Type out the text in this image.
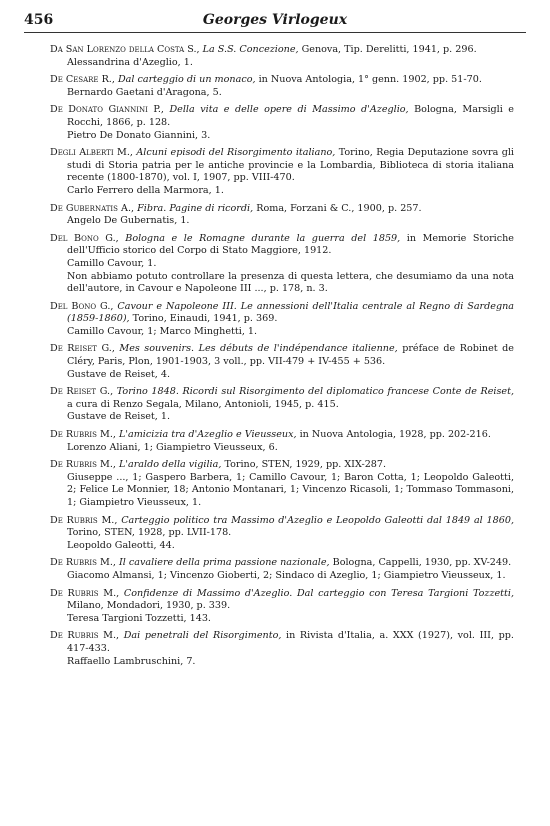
456	Georges Virlogeux
Da San Lorenzo della Costa S., La S.S. Concezione, Genova, Tip. Derelitti, 1941, p. 296.
Alessandrina d'Azeglio, 1.
De Cesare R., Dal carteggio di un monaco, in Nuova Antologia, 1° genn. 1902, pp. 51-70.
Bernardo Gaetani d'Aragona, 5.
De Donato Giannini P., Della vita e delle opere di Massimo d'Azeglio, Bologna, Marsigli e Rocchi, 1866, p. 128.
Pietro De Donato Giannini, 3.
Degli Alberti M., Alcuni episodi del Risorgimento italiano, Torino, Regia Deputazione sovra gli studi di Storia patria per le antiche provincie e la Lombardia, Biblioteca di storia italiana recente (1800-1870), vol. I, 1907, pp. VIII-470.
Carlo Ferrero della Marmora, 1.
De Gubernatis A., Fibra. Pagine di ricordi, Roma, Forzani & C., 1900, p. 257.
Angelo De Gubernatis, 1.
Del Bono G., Bologna e le Romagne durante la guerra del 1859, in Memorie Storiche dell'Ufficio storico del Corpo di Stato Maggiore, 1912.
Camillo Cavour, 1.
Non abbiamo potuto controllare la presenza di questa lettera, che desumiamo da una nota dell'autore, in Cavour e Napoleone III ..., p. 178, n. 3.
Del Bono G., Cavour e Napoleone III. Le annessioni dell'Italia centrale al Regno di Sardegna (1859-1860), Torino, Einaudi, 1941, p. 369.
Camillo Cavour, 1; Marco Minghetti, 1.
De Reiset G., Mes souvenirs. Les débuts de l'indépendance italienne, préface de Robinet de Cléry, Paris, Plon, 1901-1903, 3 voll., pp. VII-479 + IV-455 + 536.
Gustave de Reiset, 4.
De Reiset G., Torino 1848. Ricordi sul Risorgimento del diplomatico francese Conte de Reiset, a cura di Renzo Segala, Milano, Antonioli, 1945, p. 415.
Gustave de Reiset, 1.
De Rubris M., L'amicizia tra d'Azeglio e Vieusseux, in Nuova Antologia, 1928, pp. 202-216.
Lorenzo Aliani, 1; Giampietro Vieusseux, 6.
De Rubris M., L'araldo della vigilia, Torino, STEN, 1929, pp. XIX-287.
Giuseppe ..., 1; Gaspero Barbera, 1; Camillo Cavour, 1; Baron Cotta, 1; Leopoldo Galeotti, 2; Felice Le Monnier, 18; Antonio Montanari, 1; Vincenzo Ricasoli, 1; Tommaso Tommasoni, 1; Giampietro Vieusseux, 1.
De Rubris M., Carteggio politico tra Massimo d'Azeglio e Leopoldo Galeotti dal 1849 al 1860, Torino, STEN, 1928, pp. LVII-178.
Leopoldo Galeotti, 44.
De Rubris M., Il cavaliere della prima passione nazionale, Bologna, Cappelli, 1930, pp. XV-249.
Giacomo Almansi, 1; Vincenzo Gioberti, 2; Sindaco di Azeglio, 1; Giampietro Vieusseux, 1.
De Rubris M., Confidenze di Massimo d'Azeglio. Dal carteggio con Teresa Targioni Tozzetti, Milano, Mondadori, 1930, p. 339.
Teresa Targioni Tozzetti, 143.
De Rubris M., Dai penetrali del Risorgimento, in Rivista d'Italia, a. XXX (1927), vol. III, pp. 417-433.
Raffaello Lambruschini, 7.
